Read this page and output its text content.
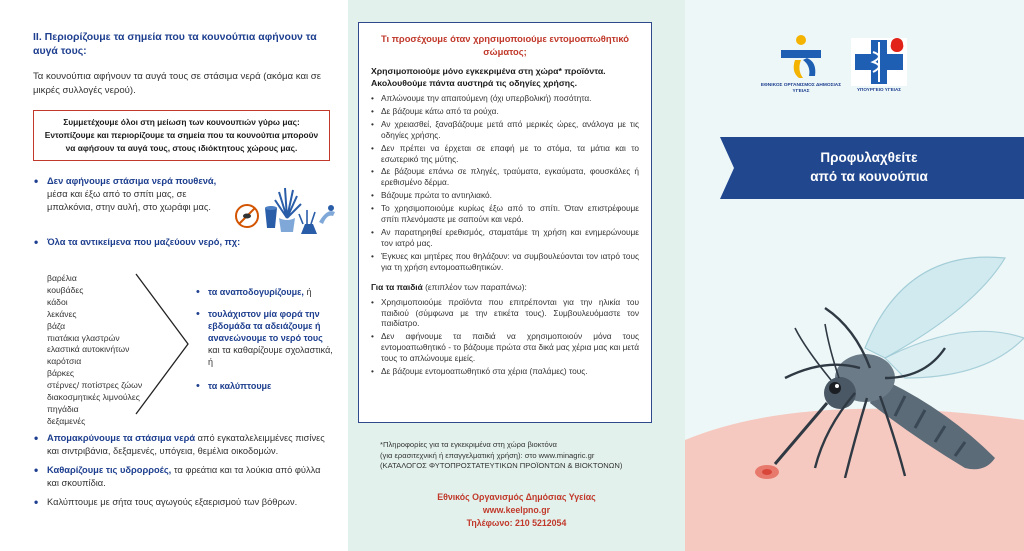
ΙΙ. Περιορίζουμε τα σημεία που τα κουνούπια αφήνουν τα αυγά τους:
Τα κουνούπια αφήνουν τα αυγά τους σε στάσιμα νερά (ακόμα και σε μικρές συλλογές νερού).
Συμμετέχουμε όλοι στη μείωση των κουνουπιών γύρω μας: Εντοπίζουμε και περιορίζουμε τα σημεία που τα κουνούπια μπορούν να αφήσουν τα αυγά τους, στους ιδιόκτητους χώρους μας.
• Δεν αφήνουμε στάσιμα νερά πουθενά, μέσα και έξω από το σπίτι μας, σε μπαλκόνια, στην αυλή, στο χωράφι μας.
• Όλα τα αντικείμενα που μαζεύουν νερό, πχ:
βαρέλια
κουβάδες
κάδοι
λεκάνες
βάζα
πιατάκια γλαστρών
ελαστικά αυτοκινήτων
καρότσια
βάρκες
στέρνες/ ποτίστρες ζώων
διακοσμητικές λιμνούλες
πηγάδια
δεξαμενές
• τα αναποδογυρίζουμε, ή
• τουλάχιστον μία φορά την εβδομάδα τα αδειάζουμε ή ανανεώνουμε το νερό τους και τα καθαρίζουμε σχολαστικά, ή
• τα καλύπτουμε
• Απομακρύνουμε τα στάσιμα νερά από εγκαταλελειμμένες πισίνες και σιντριβάνια, δεξαμενές, υπόγεια, θεμέλια οικοδομών.
• Καθαρίζουμε τις υδρορροές, τα φρεάτια και τα λούκια από φύλλα και σκουπίδια.
• Καλύπτουμε με σήτα τους αγωγούς εξαερισμού των βόθρων.
Τι προσέχουμε όταν χρησιμοποιούμε εντομοαπωθητικό σώματος;
Χρησιμοποιούμε μόνο εγκεκριμένα στη χώρα* προϊόντα. Ακολουθούμε πάντα αυστηρά τις οδηγίες χρήσης.
• Απλώνουμε την απαιτούμενη (όχι υπερβολική) ποσότητα.
• Δε βάζουμε κάτω από τα ρούχα.
• Αν χρειασθεί, ξαναβάζουμε μετά από μερικές ώρες, ανάλογα με τις οδηγίες χρήσης.
• Δεν πρέπει να έρχεται σε επαφή με το στόμα, τα μάτια και το εσωτερικό της μύτης.
• Δε βάζουμε επάνω σε πληγές, τραύματα, εγκαύματα, φουσκάλες ή ερεθισμένο δέρμα.
• Βάζουμε πρώτα το αντιηλιακό.
• Το χρησιμοποιούμε κυρίως έξω από το σπίτι. Όταν επιστρέφουμε σπίτι πλενόμαστε με σαπούνι και νερό.
• Αν παρατηρηθεί ερεθισμός, σταματάμε τη χρήση και ενημερώνουμε τον ιατρό μας.
• Έγκυες και μητέρες που θηλάζουν: να συμβουλεύονται τον ιατρό τους για τη χρήση εντομοαπωθητικών.
Για τα παιδιά (επιπλέον των παραπάνω):
• Χρησιμοποιούμε προϊόντα που επιτρέπονται για την ηλικία του παιδιού (σύμφωνα με την ετικέτα τους). Συμβουλευόμαστε τον παιδίατρο.
• Δεν αφήνουμε τα παιδιά να χρησιμοποιούν μόνα τους εντομοαπωθητικό - το βάζουμε πρώτα στα δικά μας χέρια μας και μετά τους το απλώνουμε εμείς.
• Δε βάζουμε εντομοαπωθητικό στα χέρια (παλάμες) τους.
*Πληροφορίες για τα εγκεκριμένα στη χώρα βιοκτόνα
(για ερασιτεχνική ή επαγγελματική χρήση): στο www.minagric.gr
(ΚΑΤΑΛΟΓΟΣ ΦΥΤΟΠΡΟΣΤΑΤΕΥΤΙΚΩΝ ΠΡΟΪΟΝΤΩΝ & ΒΙΟΚΤΟΝΩΝ)
Εθνικός Οργανισμός Δημόσιας Υγείας
www.keelpno.gr
Τηλέφωνο: 210 5212054
ΕΘΝΙΚΟΣ ΟΡΓΑΝΙΣΜΟΣ ΔΗΜΟΣΙΑΣ ΥΓΕΙΑΣ	ΥΠΟΥΡΓΕΙΟ ΥΓΕΙΑΣ
Προφυλαχθείτε
από τα κουνούπια
